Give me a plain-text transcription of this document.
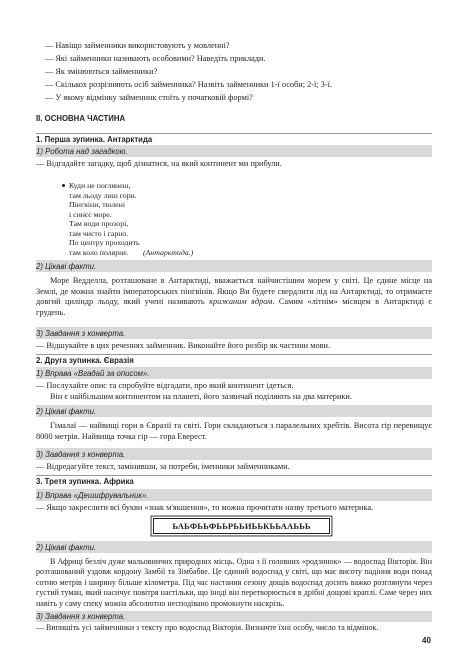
— Навіщо займенники використовують у мовленні?
— Які займенники називають особовими? Наведіть приклади.
— Як змінюються займенники?
— Скількох розрізняють осіб займенника? Назвіть займенники 1-ї особи; 2-ї; 3-ї.
— У якому відмінку займенник стоїть у початковій формі?
II. ОСНОВНА ЧАСТИНА
1. Перша зупинка. Антарктида
1) Робота над загадкою.
— Відгадайте загадку, щоб дізнатися, на який континент ми прибули.
Куди не поглянеш,
там льоду лиш гори.
Пінгвіни, тюлені
і синєє море.
Там води прозорі,
там чисто і гарно.
По центру проходить
там коло полярне. (Антарктида.)
2) Цікаві факти.
Море Ведделла, розташоване в Антарктиді, вважається найчистішим морем у світі. Це єдине місце на Землі, де можна знайти імператорських пінгвінів. Якщо Ви будете свердлити лід на Антарктиді, то отримаєте довгий циліндр льоду, який учені називають крижаним ядром. Самим «літнім» місяцем в Антарктиді є грудень.
3) Завдання з конверта.
— Відшукайте в цих реченнях займенник. Виконайте його розбір як частини мови.
2. Друга зупинка. Євразія
1) Вправа «Вгадай за описом».
— Послухайте опис та спробуйте відгадати, про який континент ідеться.
Він є найбільшим континентом на планеті, його зазвичай поділяють на два материки.
2) Цікаві факти.
Гімалаї — найвищі гори в Євразії та світі. Гори складаються з паралельних хребтів. Висота гір перевищує 8000 метрів. Найвища точка гір — гора Еверест.
3) Завдання з конверта.
— Відредагуйте текст, замінивши, за потреби, іменники займенниками.
3. Третя зупинка. Африка
1) Вправа «Дешифрувальник».
— Якщо закреслити всі букви «знак м'якшення», то можна прочитати назву третього материка.
ЬАЬФЬЬФЬЬРЬЬИЬЬКЬЬААЬЬЬ
2) Цікаві факти.
В Африці безліч дуже мальовничих природних місць. Одна з її головних «родзинок» — водоспад Вікторія. Він розташований уздовж кордону Замбії та Зімбабве. Це єдиний водоспад у світі, що має висоту падіння води понад сотню метрів і ширину більше кілометра. Під час настання сезону дощів водоспад досить важко розглянути через густий туман, який насичує повітря настільки, що іноді він перетворюється в дрібні дощові краплі. Саме через них навіть у саму спеку можна абсолютно несподівано промокнути наскрізь.
3) Завдання з конверта.
— Випишіть усі займенники з тексту про водоспад Вікторія. Визначте їхні особу, число та відмінок.
40
